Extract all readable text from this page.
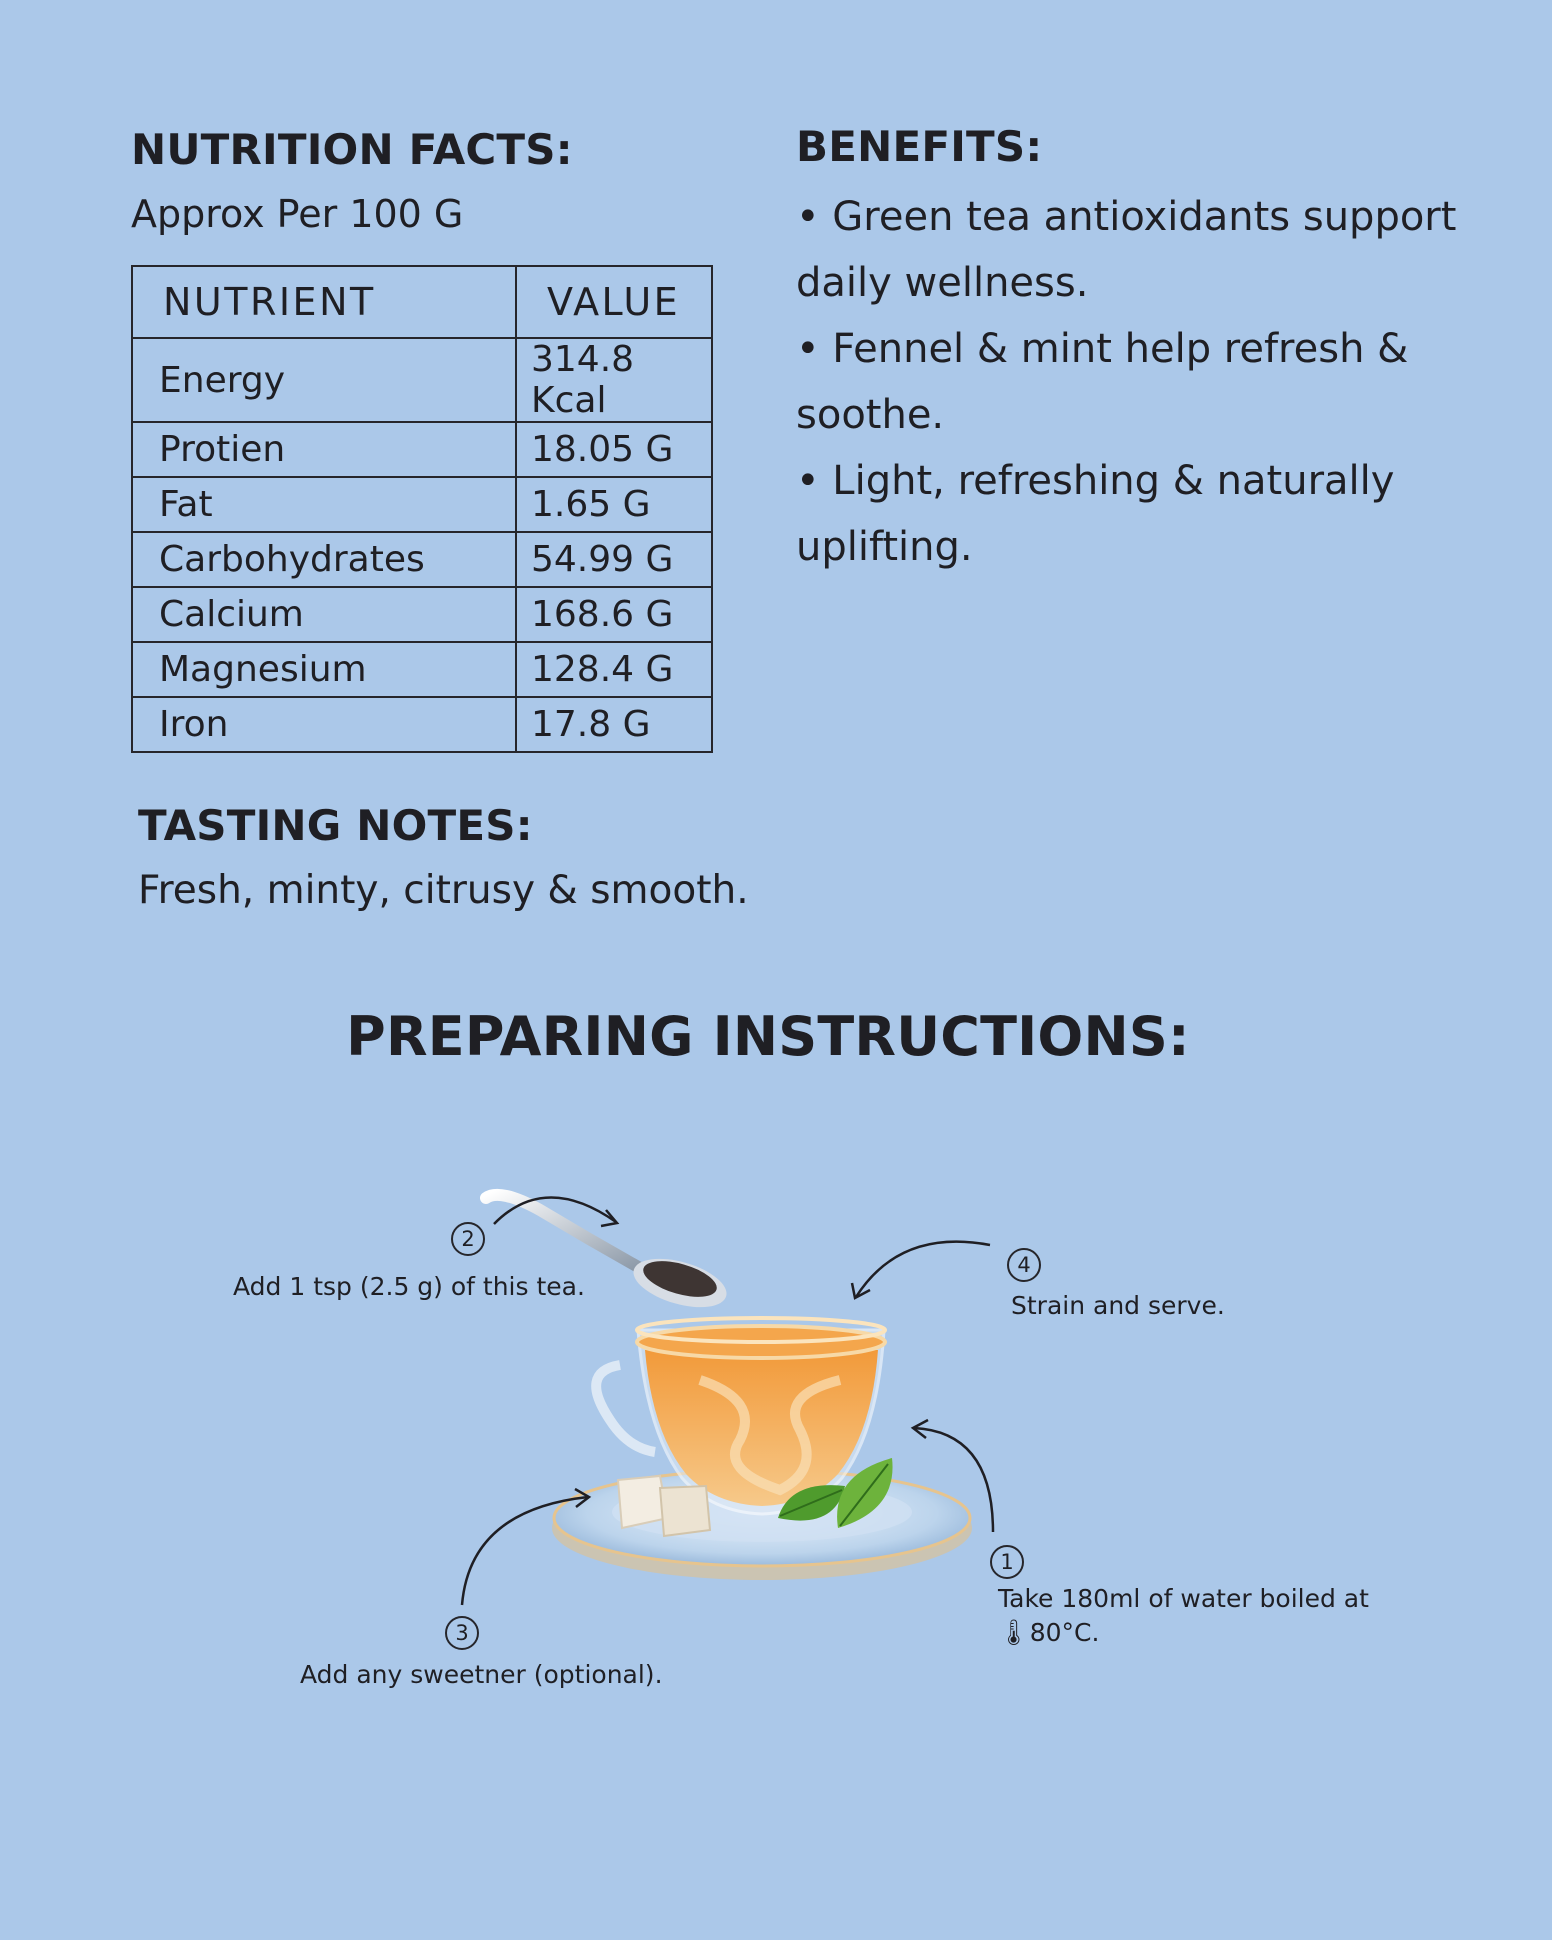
NUTRITION FACTS:
Approx Per 100 G
NUTRIENT	VALUE
Energy	314.8 Kcal
Protien	18.05 G
Fat	1.65 G
Carbohydrates	54.99 G
Calcium	168.6 G
Magnesium	128.4 G
Iron	17.8 G
BENEFITS:
• Green tea antioxidants support daily wellness.
• Fennel & mint help refresh & soothe.
• Light, refreshing & naturally uplifting.
TASTING NOTES:
Fresh, minty, citrusy & smooth.
PREPARING INSTRUCTIONS:
2
Add 1 tsp (2.5 g) of this tea.
4
Strain and serve.
1
Take 180ml of water boiled at 🌡80°C.
3
Add any sweetner (optional).
